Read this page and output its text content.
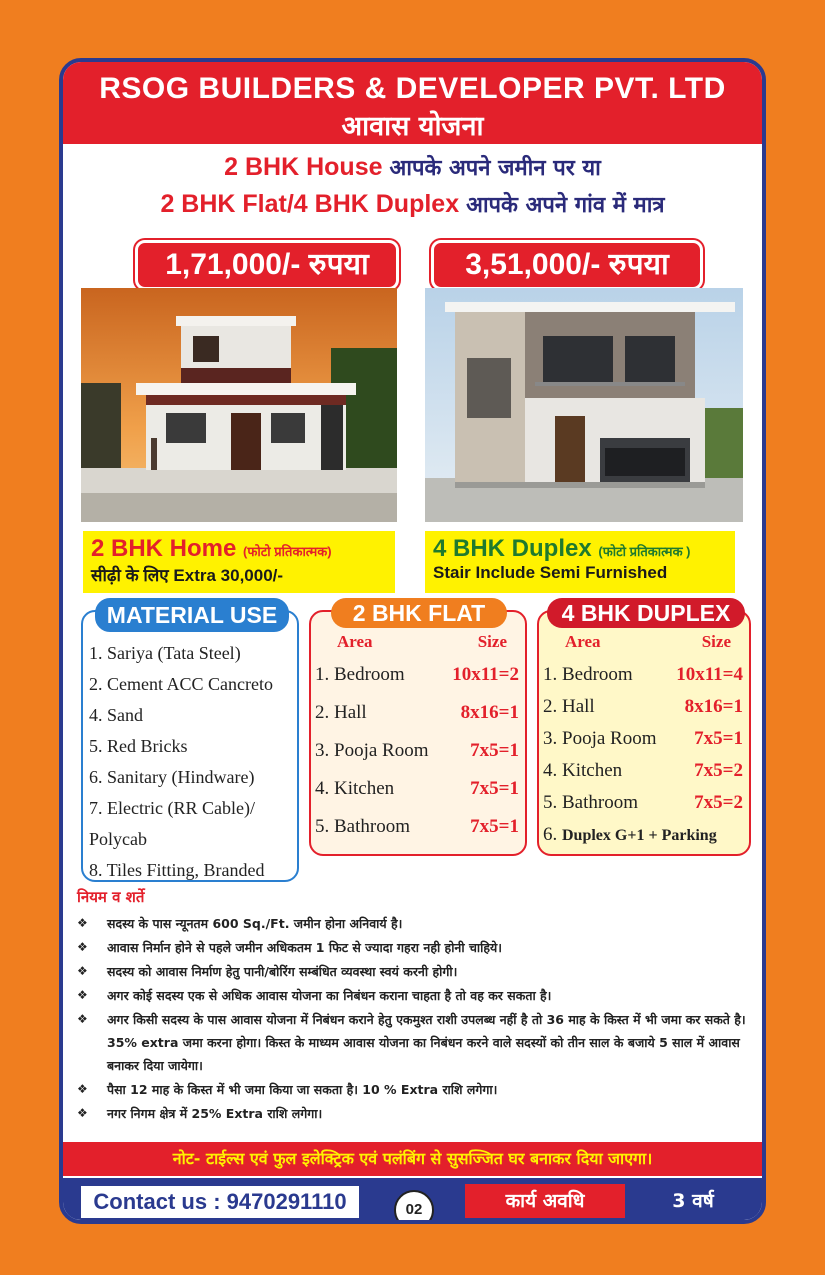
RSOG BUILDERS & DEVELOPER PVT. LTD
आवास योजना
2 BHK House आपके अपने जमीन पर या
2 BHK Flat/4 BHK Duplex आपके अपने गांव में मात्र
1,71,000/- रुपया	3,51,000/- रुपया
2 BHK Home (फोटो प्रतिकात्मक)
सीढ़ी के लिए Extra 30,000/-
4 BHK Duplex (फोटो प्रतिकात्मक )
Stair Include Semi Furnished
MATERIAL USE
1. Sariya (Tata Steel)
2. Cement ACC Cancreto
4. Sand
5. Red Bricks
6. Sanitary (Hindware)
7. Electric (RR Cable)/
Polycab
8. Tiles Fitting, Branded
2 BHK FLAT
Area	Size
1. Bedroom	10x11=2
2. Hall	8x16=1
3. Pooja Room 7x5=1
4. Kitchen	7x5=1
5. Bathroom	7x5=1
4 BHK DUPLEX
Area	Size
1. Bedroom 10x11=4
2. Hall	8x16=1
3. Pooja Room 7x5=1
4. Kitchen	7x5=2
5. Bathroom	7x5=2
6. Duplex G+1 + Parking
नियम व शर्ते
❖ सदस्य के पास न्यूनतम 600 Sq./Ft. जमीन होना अनिवार्य है।
❖ आवास निर्मान होने से पहले जमीन अधिकतम 1 फिट से ज्यादा गहरा नही होनी चाहिये।
❖ सदस्य को आवास निर्माण हेतु पानी/बोरिंग सम्बंधित व्यवस्था स्वयं करनी होगी।
❖ अगर कोई सदस्य एक से अधिक आवास योजना का निबंधन कराना चाहता है तो वह कर सकता है।
❖ अगर किसी सदस्य के पास आवास योजना में निबंधन कराने हेतु एकमुश्त राशी उपलब्ध नहीं है तो 36 माह के किस्त में भी जमा कर सकते है। 35% extra जमा करना होगा। किस्त के माध्यम आवास योजना का निबंधन करने वाले सदस्यों को तीन साल के बजाये 5 साल में आवास बनाकर दिया जायेगा।
❖ पैसा 12 माह के किस्त में भी जमा किया जा सकता है। 10 % Extra राशि लगेगा।
❖ नगर निगम क्षेत्र में 25% Extra राशि लगेगा।
नोट- टाईल्स एवं फुल इलेक्ट्रिक एवं पलंबिंग से सुसज्जित घर बनाकर दिया जाएगा।
Contact us : 9470291110	कार्य अवधि	3 वर्ष
02
